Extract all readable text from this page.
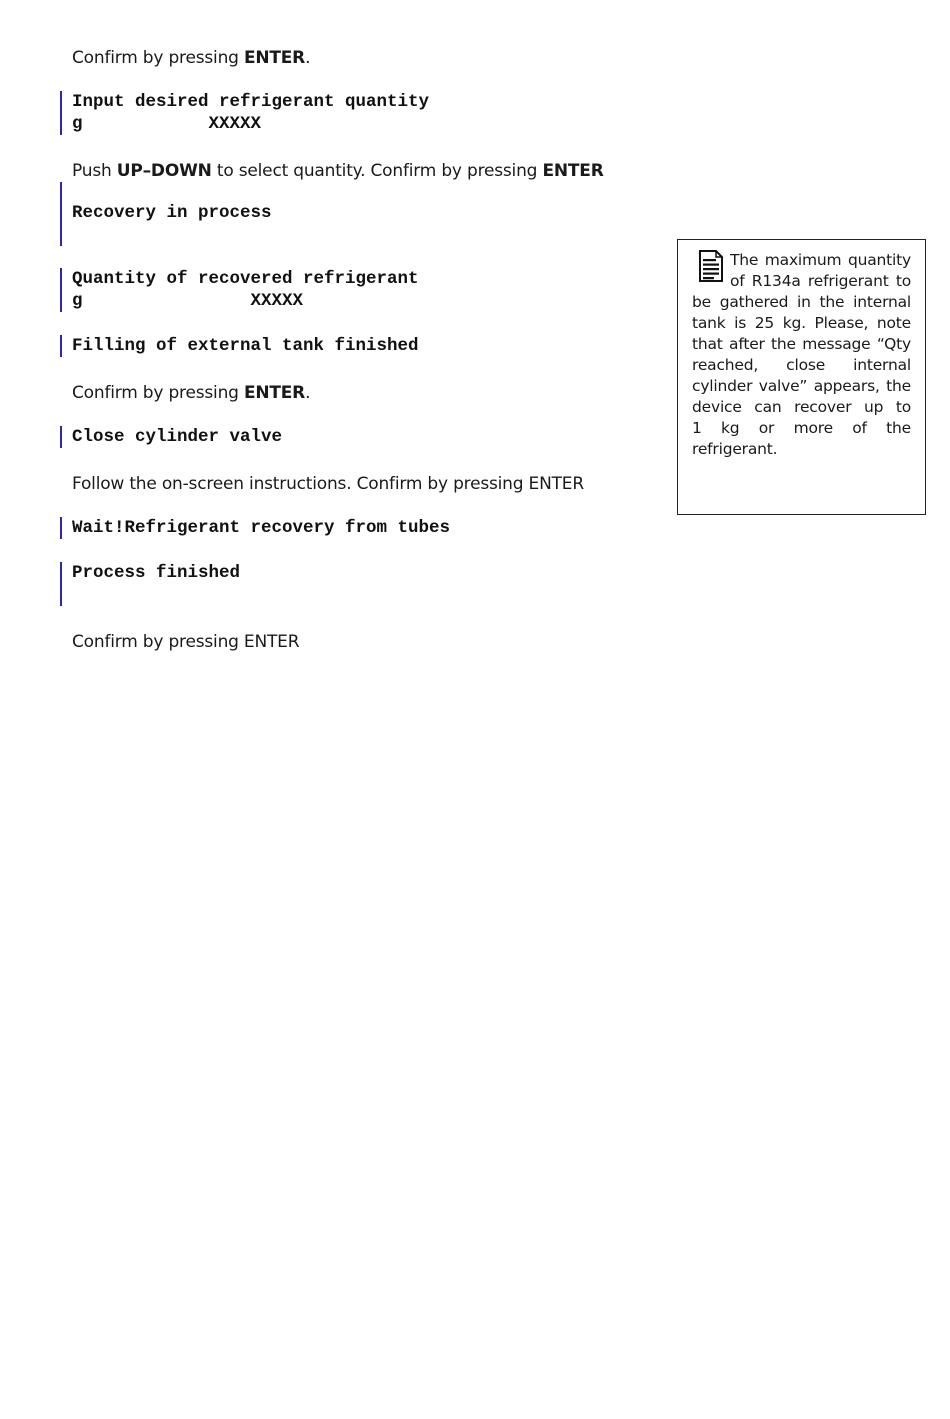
Confirm by pressing ENTER.
Input desired refrigerant quantity
g            XXXXX
Push UP–DOWN to select quantity. Confirm by pressing ENTER
Recovery in process
Quantity of recovered refrigerant
g                XXXXX
Filling of external tank finished
Confirm by pressing ENTER.
Close cylinder valve
Follow the on-screen instructions. Confirm by pressing ENTER
Wait!Refrigerant recovery from tubes
Process finished
Confirm by pressing ENTER
The maximum quantity of R134a refrigerant to be gathered in the internal tank is 25 kg. Please, note that after the message “Qty reached, close internal cylinder valve” appears, the device can recover up to 1 kg or more of the refrigerant.
